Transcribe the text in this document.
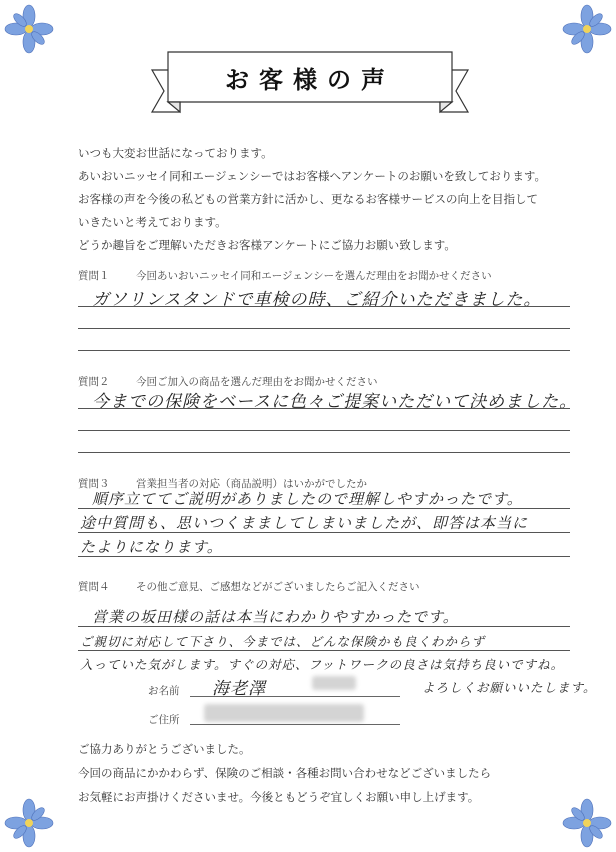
お客様の声
いつも大変お世話になっております。
あいおいニッセイ同和エージェンシーではお客様へアンケートのお願いを致しております。
お客様の声を今後の私どもの営業方針に活かし、更なるお客様サービスの向上を目指して
いきたいと考えております。
どうか趣旨をご理解いただきお客様アンケートにご協力お願い致します。
質問１	今回あいおいニッセイ同和エージェンシーを選んだ理由をお聞かせください
ガソリンスタンドで車検の時、ご紹介いただきました。
質問２	今回ご加入の商品を選んだ理由をお聞かせください
今までの保険をベースに色々ご提案いただいて決めました。
質問３	営業担当者の対応（商品説明）はいかがでしたか
順序立ててご説明がありましたので理解しやすかったです。
途中質問も、思いつくまましてしまいましたが、即答は本当に
たよりになります。
質問４	その他ご意見、ご感想などがございましたらご記入ください
営業の坂田様の話は本当にわかりやすかったです。
ご親切に対応して下さり、今までは、どんな保険かも良くわからず
入っていた気がします。すぐの対応、フットワークの良さは気持ち良いですね。
よろしくお願いいたします。
お名前 海老澤
ご住所
ご協力ありがとうございました。
今回の商品にかかわらず、保険のご相談・各種お問い合わせなどございましたら
お気軽にお声掛けくださいませ。今後ともどうぞ宜しくお願い申し上げます。
